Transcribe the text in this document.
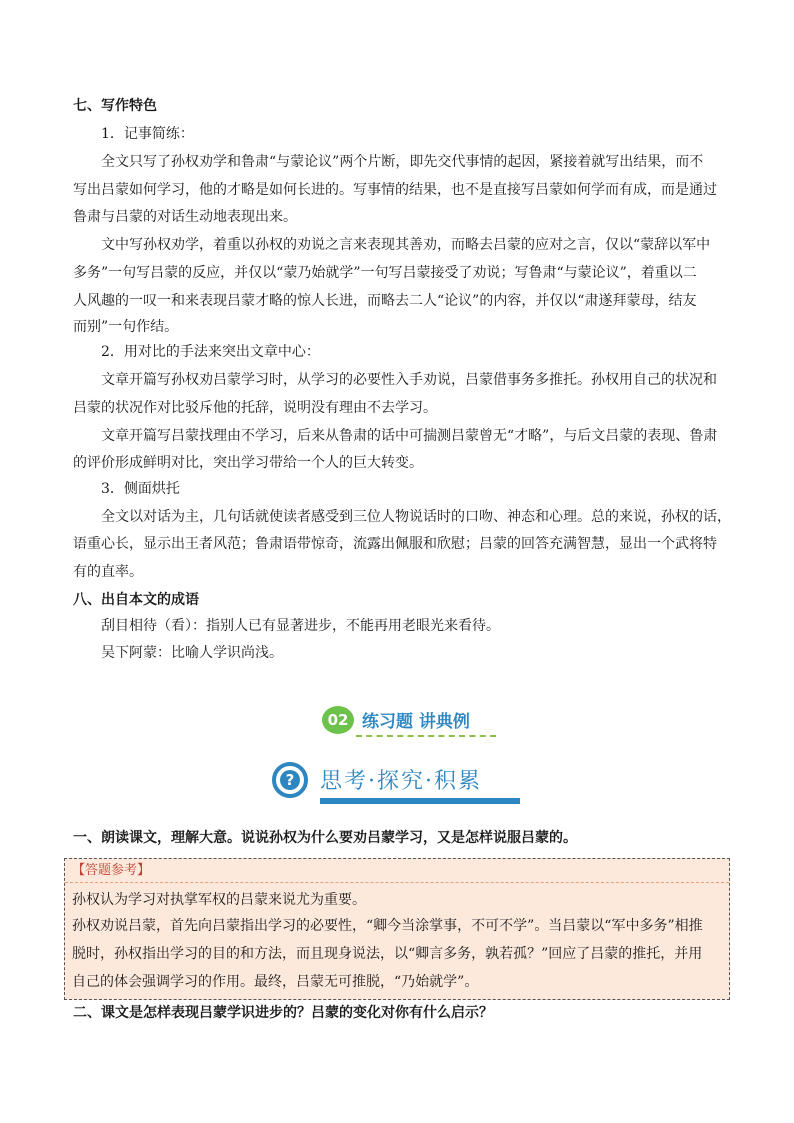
七、写作特色
1．记事简练：
全文只写了孙权劝学和鲁肃“与蒙论议”两个片断，即先交代事情的起因，紧接着就写出结果，而不
写出吕蒙如何学习，他的才略是如何长进的。写事情的结果，也不是直接写吕蒙如何学而有成，而是通过
鲁肃与吕蒙的对话生动地表现出来。
文中写孙权劝学，着重以孙权的劝说之言来表现其善劝，而略去吕蒙的应对之言，仅以“蒙辞以军中
多务”一句写吕蒙的反应，并仅以“蒙乃始就学”一句写吕蒙接受了劝说；写鲁肃“与蒙论议”，着重以二
人风趣的一叹一和来表现吕蒙才略的惊人长进，而略去二人“论议”的内容，并仅以“肃遂拜蒙母，结友
而别”一句作结。
2．用对比的手法来突出文章中心：
文章开篇写孙权劝吕蒙学习时，从学习的必要性入手劝说，吕蒙借事务多推托。孙权用自己的状况和
吕蒙的状况作对比驳斥他的托辞，说明没有理由不去学习。
文章开篇写吕蒙找理由不学习，后来从鲁肃的话中可揣测吕蒙曾无“才略”，与后文吕蒙的表现、鲁肃
的评价形成鲜明对比，突出学习带给一个人的巨大转变。
3．侧面烘托
全文以对话为主，几句话就使读者感受到三位人物说话时的口吻、神态和心理。总的来说，孙权的话，
语重心长，显示出王者风范；鲁肃语带惊奇，流露出佩服和欣慰；吕蒙的回答充满智慧，显出一个武将特
有的直率。
八、出自本文的成语
刮目相待（看）：指别人已有显著进步，不能再用老眼光来看待。
吴下阿蒙：比喻人学识尚浅。
02 练习题 讲典例
? 思考·探究·积累
一、朗读课文，理解大意。说说孙权为什么要劝吕蒙学习，又是怎样说服吕蒙的。
【答题参考】
孙权认为学习对执掌军权的吕蒙来说尤为重要。
孙权劝说吕蒙，首先向吕蒙指出学习的必要性，“卿今当涂掌事，不可不学”。当吕蒙以“军中多务”相推
脱时，孙权指出学习的目的和方法，而且现身说法，以“卿言多务，孰若孤？”回应了吕蒙的推托，并用
自己的体会强调学习的作用。最终，吕蒙无可推脱，“乃始就学”。
二、课文是怎样表现吕蒙学识进步的？吕蒙的变化对你有什么启示？
